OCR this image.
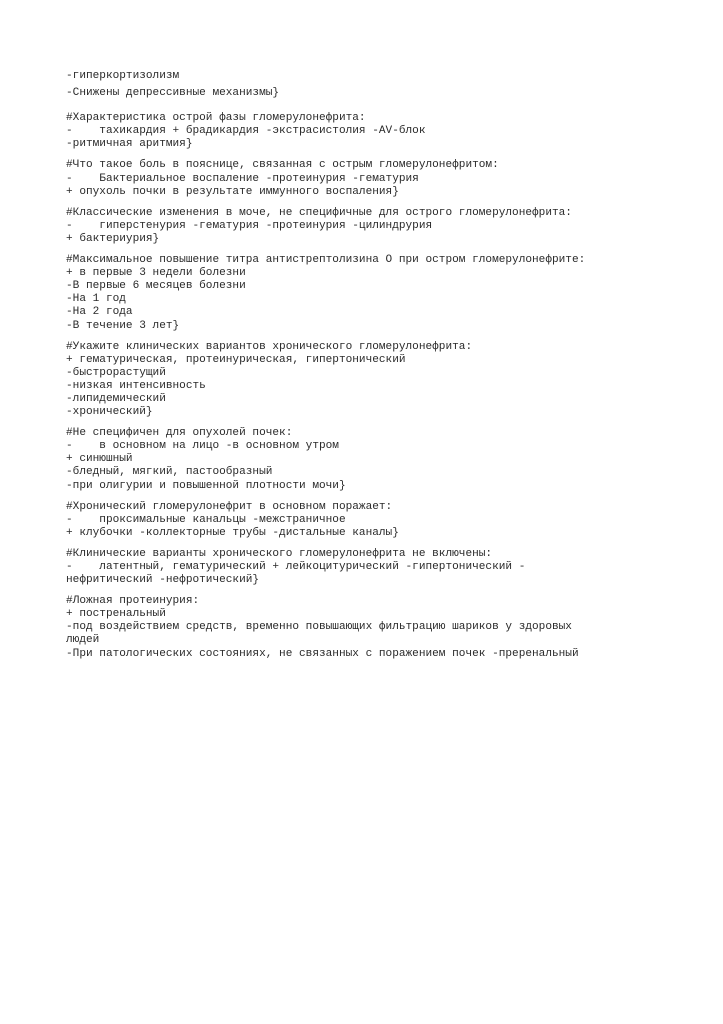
-гиперкортизолизм
-Снижены депрессивные механизмы}
#Характеристика острой фазы гломерулонефрита:
-    тахикардия + брадикардия -экстрасистолия -AV-блок
-ритмичная аритмия}
#Что такое боль в пояснице, связанная с острым гломерулонефритом:
-    Бактериальное воспаление -протеинурия -гематурия
+ опухоль почки в результате иммунного воспаления}
#Классические изменения в моче, не специфичные для острого гломерулонефрита:
-    гиперстенурия -гематурия -протеинурия -цилиндрурия
+ бактериурия}
#Максимальное повышение титра антистрептолизина О при остром гломерулонефрите:
+ в первые 3 недели болезни
-В первые 6 месяцев болезни
-На 1 год
-На 2 года
-В течение 3 лет}
#Укажите клинических вариантов хронического гломерулонефрита:
+ гематурическая, протеинурическая, гипертонический
-быстрорастущий
-низкая интенсивность
-липидемический
-хронический}
#Не специфичен для опухолей почек:
-    в основном на лицо -в основном утром
+ синюшный
-бледный, мягкий, пастообразный
-при олигурии и повышенной плотности мочи}
#Хронический гломерулонефрит в основном поражает:
-    проксимальные канальцы -межстраничное
+ клубочки -коллекторные трубы -дистальные каналы}
#Клинические варианты хронического гломерулонефрита не включены:
-    латентный, гематурический + лейкоцитурический -гипертонический -
нефритический -нефротический}
#Ложная протеинурия:
+ постренальный
-под воздействием средств, временно повышающих фильтрацию шариков у здоровых
людей
-При патологических состояниях, не связанных с поражением почек -преренальный
